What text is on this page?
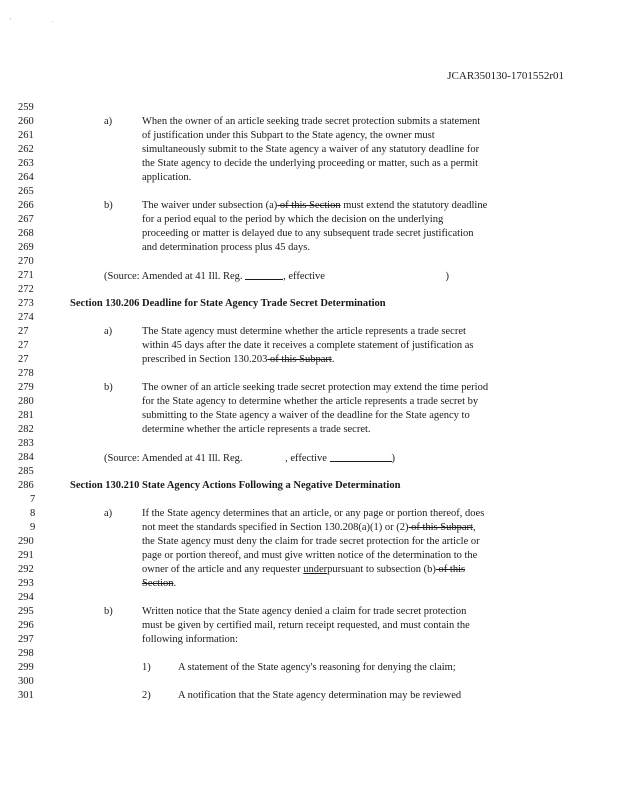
'	.
JCAR350130-1701552r01
259
260
261
262
263
264
265
266
267
268
269
270
271
272
273
274
27
27
27
278
279
280
281
282
283
284
285
286
7
8
9
290
291
292
293
294
295
296
297
298
299
300
301
a)	When the owner of an article seeking trade secret protection submits a statement
of justification under this Subpart to the State agency, the owner must
simultaneously submit to the State agency a waiver of any statutory deadline for
the State agency to decide the underlying proceeding or matter, such as a permit
application.
b)	The waiver under subsection (a) of this Section must extend the statutory deadline
for a period equal to the period by which the decision on the underlying
proceeding or matter is delayed due to any subsequent trade secret justification
and determination process plus 45 days.
(Source: Amended at 41 Ill. Reg.	, effective	)
Section 130.206 Deadline for State Agency Trade Secret Determination
a)	The State agency must determine whether the article represents a trade secret
within 45 days after the date it receives a complete statement of justification as
prescribed in Section 130.203 of this Subpart.
b)	The owner of an article seeking trade secret protection may extend the time period
for the State agency to determine whether the article represents a trade secret by
submitting to the State agency a waiver of the deadline for the State agency to
determine whether the article represents a trade secret.
(Source: Amended at 41 Ill. Reg.	, effective	)
Section 130.210 State Agency Actions Following a Negative Determination
a)	If the State agency determines that an article, or any page or portion thereof, does
not meet the standards specified in Section 130.208(a)(1) or (2) of this Subpart,
the State agency must deny the claim for trade secret protection for the article or
page or portion thereof, and must give written notice of the determination to the
owner of the article and any requester underpursuant to subsection (b) of this
Section.
b)	Written notice that the State agency denied a claim for trade secret protection
must be given by certified mail, return receipt requested, and must contain the
following information:
1)	A statement of the State agency's reasoning for denying the claim;
2)	A notification that the State agency determination may be reviewed
